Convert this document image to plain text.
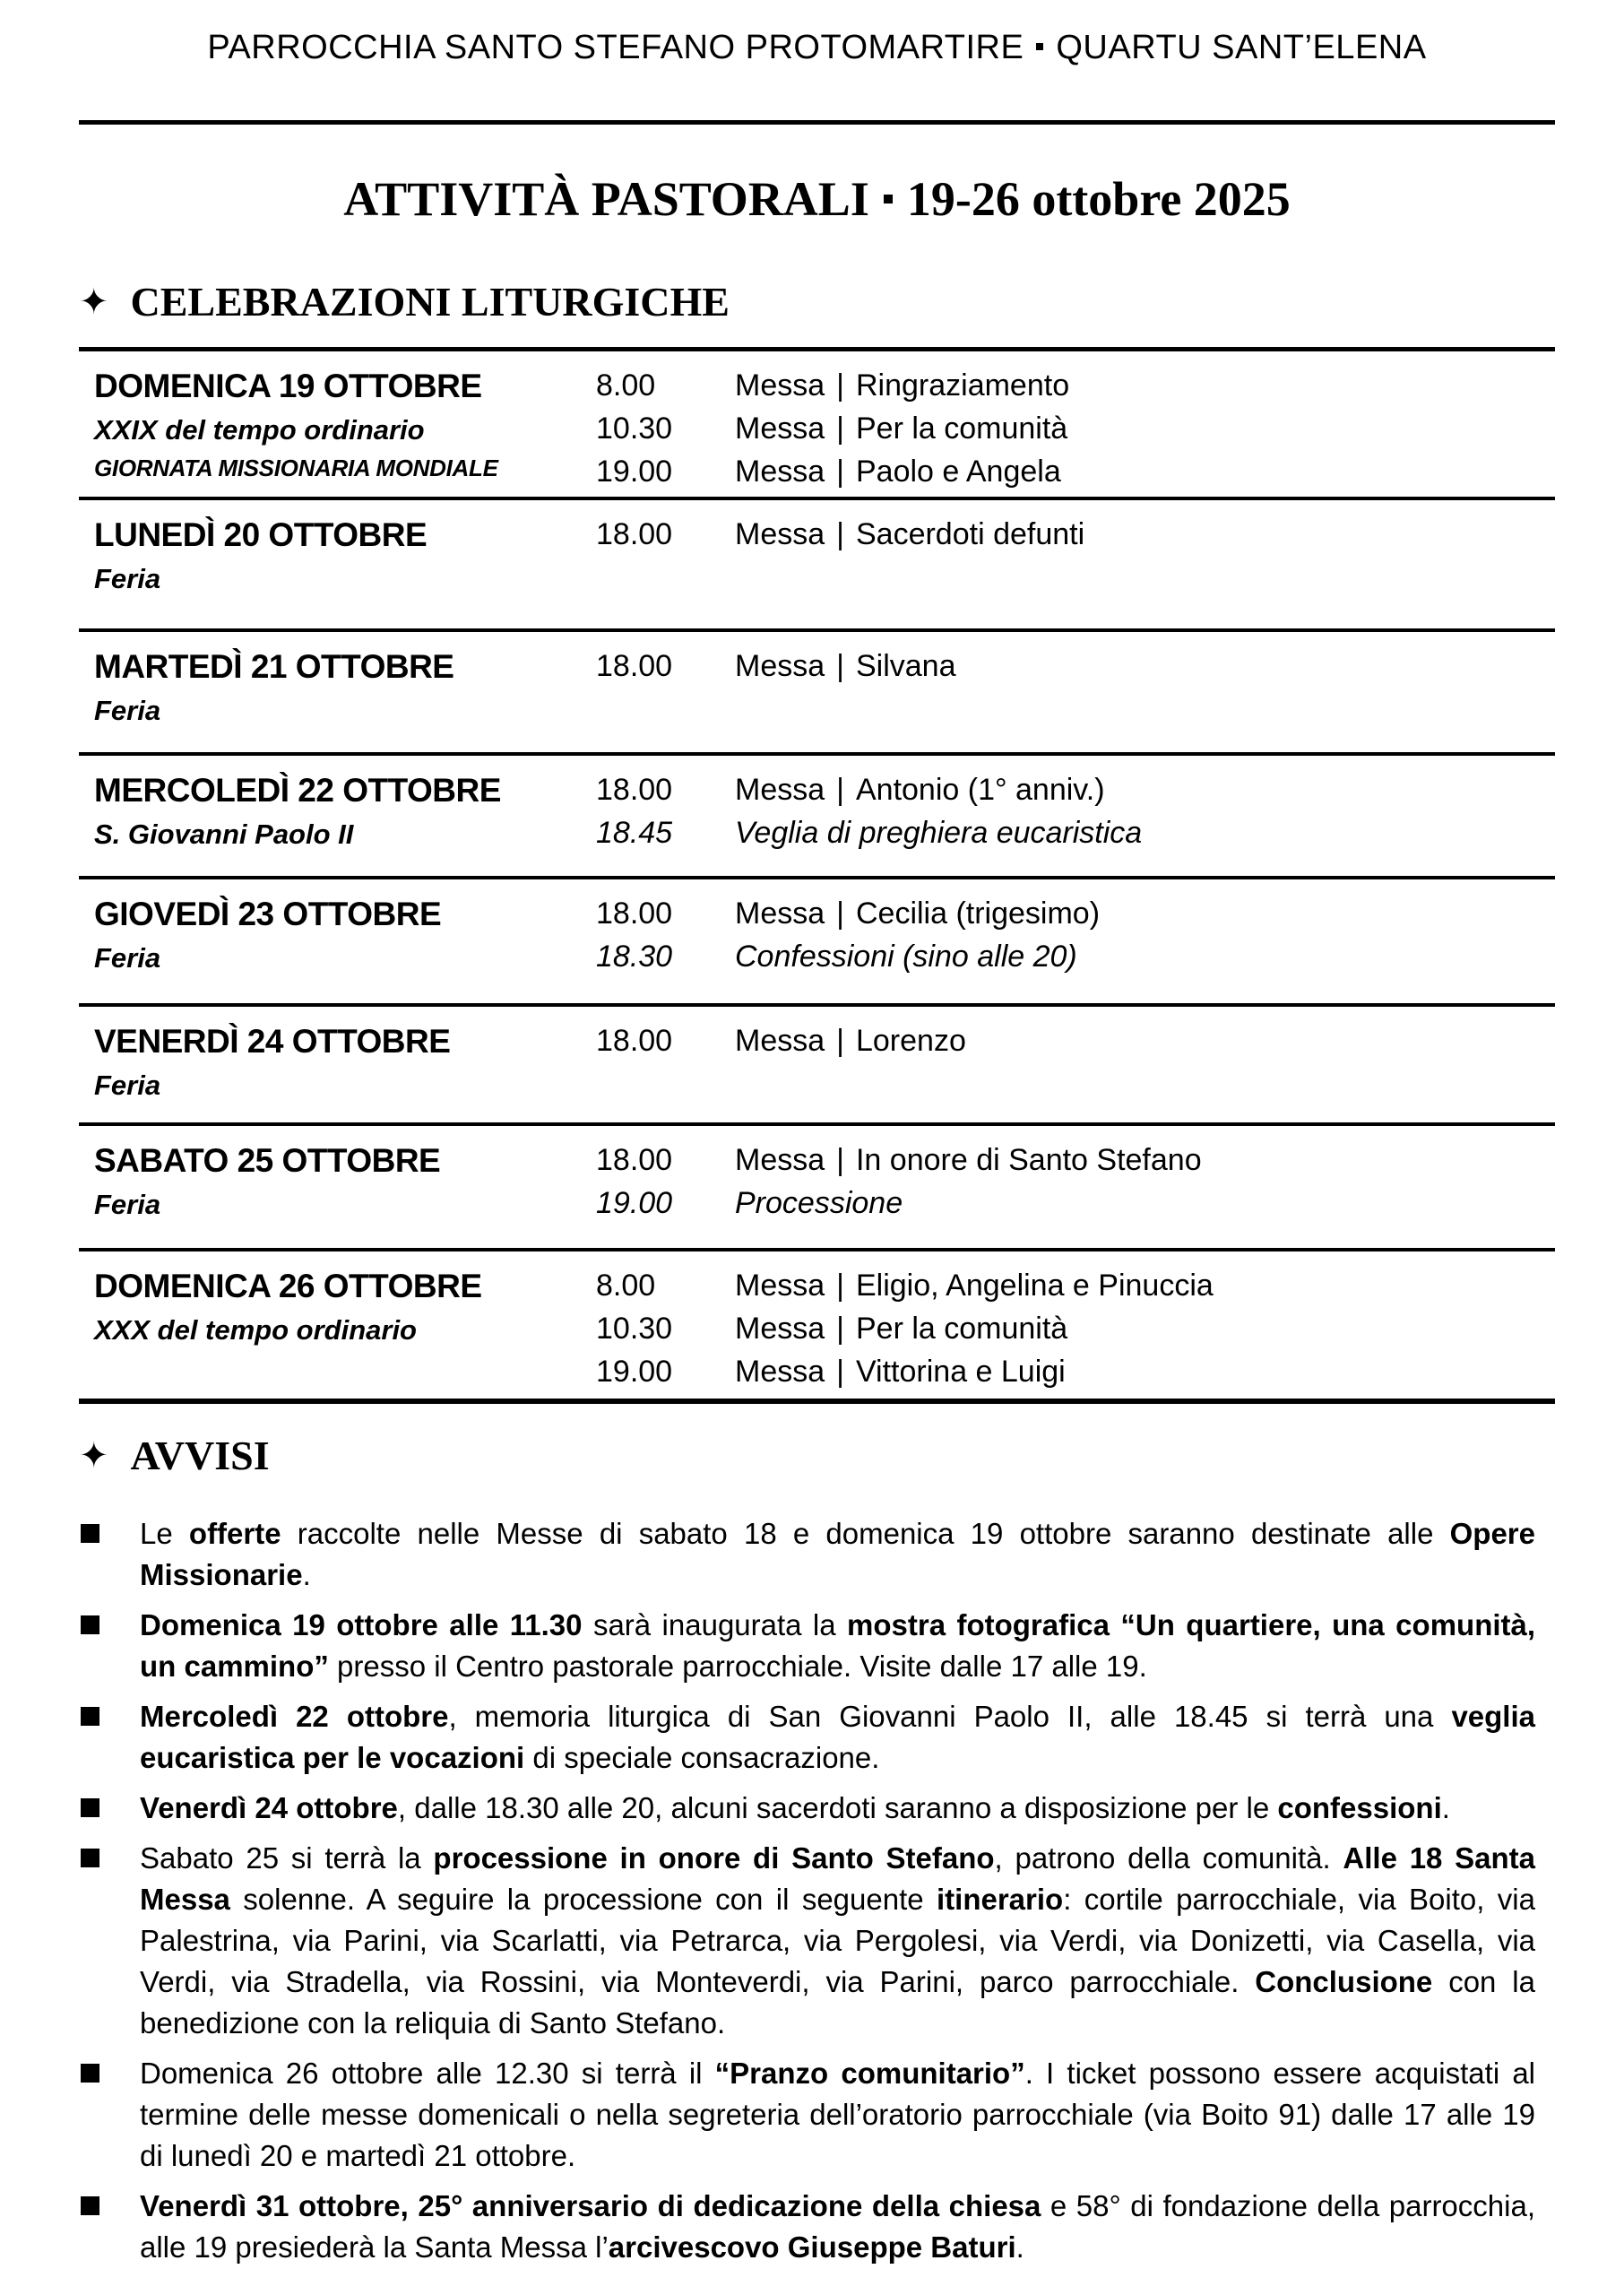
PARROCCHIA SANTO STEFANO PROTOMARTIRE QUARTU SANT’ELENA
ATTIVITÀ PASTORALI 19-26 ottobre 2025
✦ CELEBRAZIONI LITURGICHE
DOMENICA 19 OTTOBRE
XXIX del tempo ordinario
GIORNATA MISSIONARIA MONDIALE
8.00	Messa | Ringraziamento
10.30	Messa | Per la comunità
19.00	Messa | Paolo e Angela
LUNEDÌ 20 OTTOBRE
Feria
18.00	Messa | Sacerdoti defunti
MARTEDÌ 21 OTTOBRE
Feria
18.00	Messa | Silvana
MERCOLEDÌ 22 OTTOBRE
S. Giovanni Paolo II
18.00	Messa | Antonio (1° anniv.)
18.45	Veglia di preghiera eucaristica
GIOVEDÌ 23 OTTOBRE
Feria
18.00	Messa | Cecilia (trigesimo)
18.30	Confessioni (sino alle 20)
VENERDÌ 24 OTTOBRE
Feria
18.00	Messa | Lorenzo
SABATO 25 OTTOBRE
Feria
18.00	Messa | In onore di Santo Stefano
19.00	Processione
DOMENICA 26 OTTOBRE
XXX del tempo ordinario
8.00	Messa | Eligio, Angelina e Pinuccia
10.30	Messa | Per la comunità
19.00	Messa | Vittorina e Luigi
✦ AVVISI
Le offerte raccolte nelle Messe di sabato 18 e domenica 19 ottobre saranno destinate alle Opere Missionarie.
Domenica 19 ottobre alle 11.30 sarà inaugurata la mostra fotografica “Un quartiere, una comunità, un cammino” presso il Centro pastorale parrocchiale. Visite dalle 17 alle 19.
Mercoledì 22 ottobre, memoria liturgica di San Giovanni Paolo II, alle 18.45 si terrà una veglia eucaristica per le vocazioni di speciale consacrazione.
Venerdì 24 ottobre, dalle 18.30 alle 20, alcuni sacerdoti saranno a disposizione per le confessioni.
Sabato 25 si terrà la processione in onore di Santo Stefano, patrono della comunità. Alle 18 Santa Messa solenne. A seguire la processione con il seguente itinerario: cortile parrocchiale, via Boito, via Palestrina, via Parini, via Scarlatti, via Petrarca, via Pergolesi, via Verdi, via Donizetti, via Casella, via Verdi, via Stradella, via Rossini, via Monteverdi, via Parini, parco parrocchiale. Conclusione con la benedizione con la reliquia di Santo Stefano.
Domenica 26 ottobre alle 12.30 si terrà il “Pranzo comunitario”. I ticket possono essere acquistati al termine delle messe domenicali o nella segreteria dell’oratorio parrocchiale (via Boito 91) dalle 17 alle 19 di lunedì 20 e martedì 21 ottobre.
Venerdì 31 ottobre, 25° anniversario di dedicazione della chiesa e 58° di fondazione della parrocchia, alle 19 presiederà la Santa Messa l’arcivescovo Giuseppe Baturi.
